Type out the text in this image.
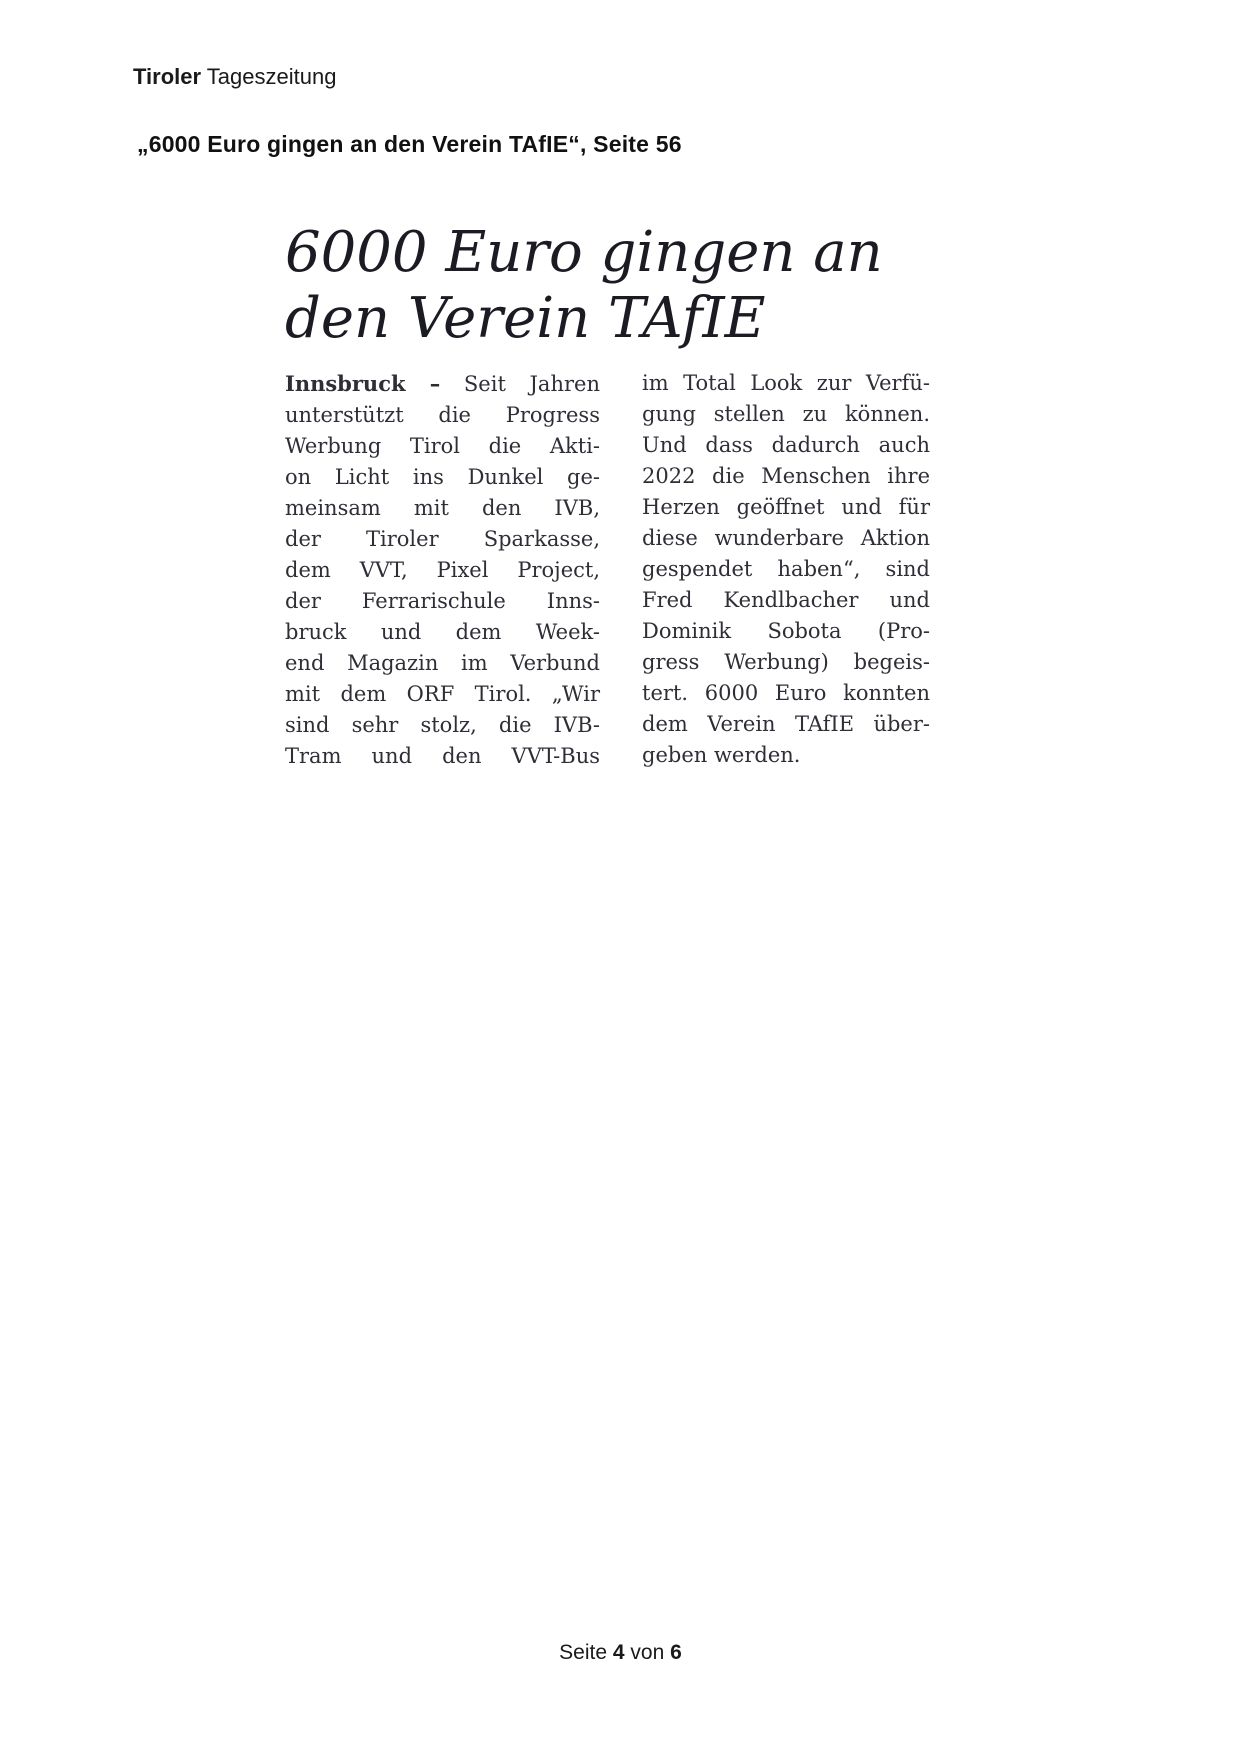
Tiroler Tageszeitung
„6000 Euro gingen an den Verein TAfIE“, Seite 56
6000 Euro gingen an
den Verein TAfIE
Innsbruck – Seit Jahren
unterstützt die Progress
Werbung Tirol die Akti-
on Licht ins Dunkel ge-
meinsam mit den IVB,
der Tiroler Sparkasse,
dem VVT, Pixel Project,
der Ferrarischule Inns-
bruck und dem Week-
end Magazin im Verbund
mit dem ORF Tirol. „Wir
sind sehr stolz, die IVB-
Tram und den VVT-Bus
im Total Look zur Verfü-
gung stellen zu können.
Und dass dadurch auch
2022 die Menschen ihre
Herzen geöffnet und für
diese wunderbare Aktion
gespendet haben“, sind
Fred Kendlbacher und
Dominik Sobota (Pro-
gress Werbung) begeis-
tert. 6000 Euro konnten
dem Verein TAfIE über-
geben werden.
Seite 4 von 6
